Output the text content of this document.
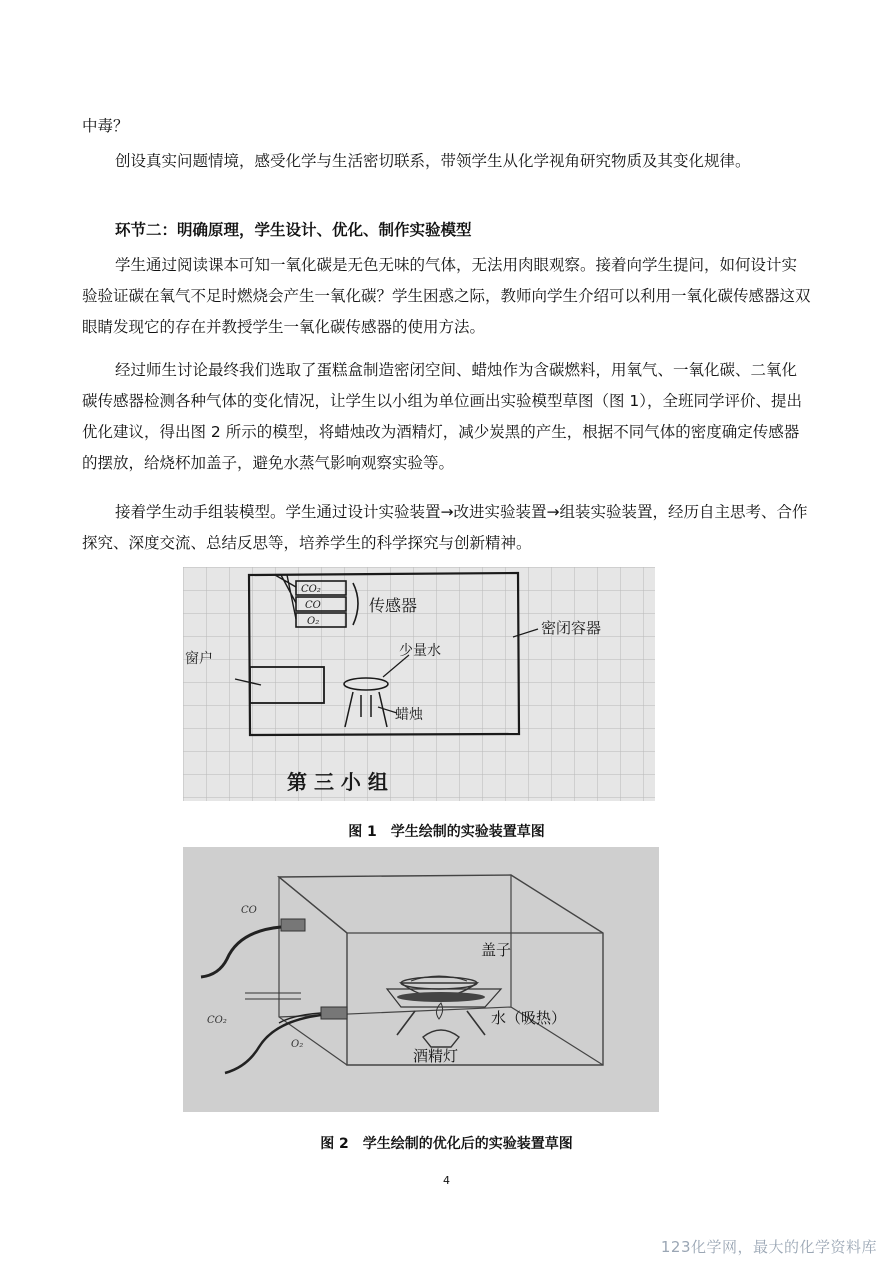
中毒？

创设真实问题情境，感受化学与生活密切联系，带领学生从化学视角研究物质及其变化规律。

环节二：明确原理，学生设计、优化、制作实验模型

学生通过阅读课本可知一氧化碳是无色无味的气体，无法用肉眼观察。接着向学生提问，如何设计实验验证碳在氧气不足时燃烧会产生一氧化碳？学生困惑之际，教师向学生介绍可以利用一氧化碳传感器这双眼睛发现它的存在并教授学生一氧化碳传感器的使用方法。

经过师生讨论最终我们选取了蛋糕盒制造密闭空间、蜡烛作为含碳燃料，用氧气、一氧化碳、二氧化碳传感器检测各种气体的变化情况，让学生以小组为单位画出实验模型草图（图 1），全班同学评价、提出优化建议，得出图 2 所示的模型，将蜡烛改为酒精灯，减少炭黑的产生，根据不同气体的密度确定传感器的摆放，给烧杯加盖子，避免水蒸气影响观察实验等。

接着学生动手组装模型。学生通过设计实验装置→改进实验装置→组装实验装置，经历自主思考、合作探究、深度交流、总结反思等，培养学生的科学探究与创新精神。

CO₂
CO
O₂
传感器
密闭容器
窗户	少量水
蜡烛
第 三 小 组

图 1　学生绘制的实验装置草图

CO
CO₂
O₂
盖子
水（吸热）
酒精灯

图 2　学生绘制的优化后的实验装置草图

4
123化学网，最大的化学资料库
